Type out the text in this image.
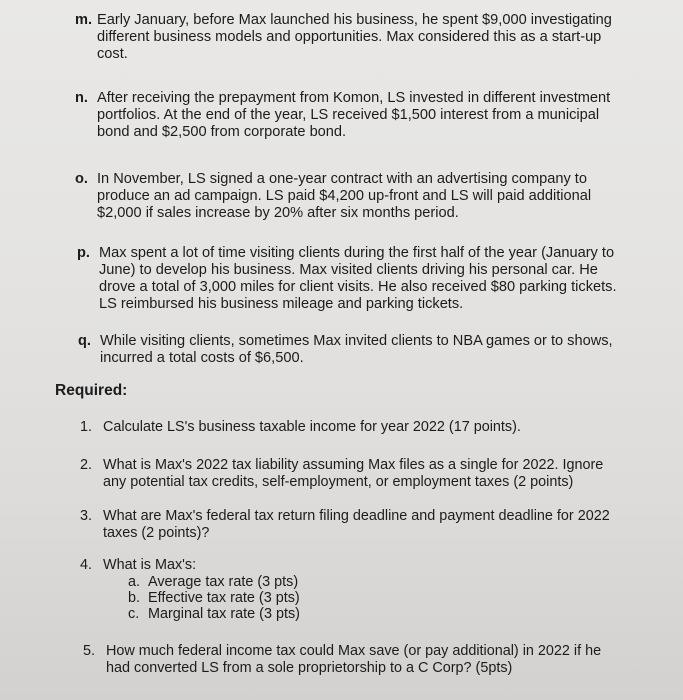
m. Early January, before Max launched his business, he spent $9,000 investigating
different business models and opportunities. Max considered this as a start-up
cost.
n. After receiving the prepayment from Komon, LS invested in different investment
portfolios. At the end of the year, LS received $1,500 interest from a municipal
bond and $2,500 from corporate bond.
o. In November, LS signed a one-year contract with an advertising company to
produce an ad campaign. LS paid $4,200 up-front and LS will paid additional
$2,000 if sales increase by 20% after six months period.
p. Max spent a lot of time visiting clients during the first half of the year (January to
June) to develop his business. Max visited clients driving his personal car. He
drove a total of 3,000 miles for client visits. He also received $80 parking tickets.
LS reimbursed his business mileage and parking tickets.
q. While visiting clients, sometimes Max invited clients to NBA games or to shows,
incurred a total costs of $6,500.
Required:
1. Calculate LS's business taxable income for year 2022 (17 points).
2. What is Max's 2022 tax liability assuming Max files as a single for 2022. Ignore
any potential tax credits, self-employment, or employment taxes (2 points)
3. What are Max's federal tax return filing deadline and payment deadline for 2022
taxes (2 points)?
4. What is Max's:
a. Average tax rate (3 pts)
b. Effective tax rate (3 pts)
c. Marginal tax rate (3 pts)
5. How much federal income tax could Max save (or pay additional) in 2022 if he
had converted LS from a sole proprietorship to a C Corp? (5pts)
